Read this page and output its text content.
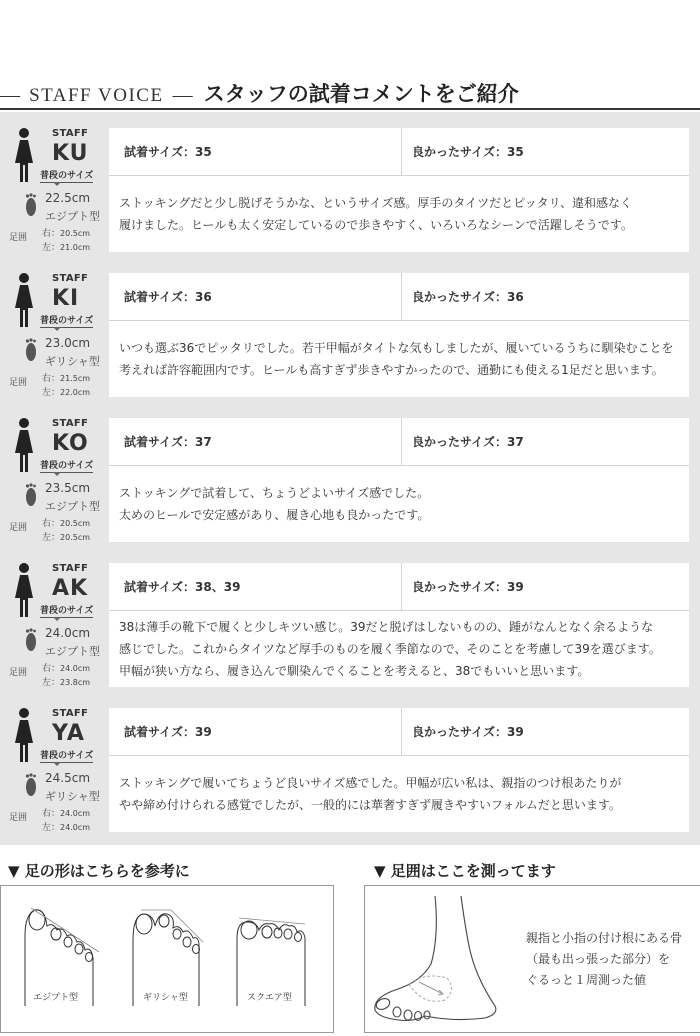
― STAFF VOICE ― スタッフの試着コメントをご紹介
STAFF
KU
普段のサイズ
22.5cm
エジプト型
足囲 右：20.5cm
左：21.0cm
試着サイズ：35	良かったサイズ：35
ストッキングだと少し脱げそうかな、というサイズ感。厚手のタイツだとピッタリ、違和感なく
履けました。ヒールも太く安定しているので歩きやすく、いろいろなシーンで活躍しそうです。
STAFF
KI
普段のサイズ
23.0cm
ギリシャ型
足囲 右：21.5cm
左：22.0cm
試着サイズ：36	良かったサイズ：36
いつも選ぶ36でピッタリでした。若干甲幅がタイトな気もしましたが、履いているうちに馴染むことを
考えれば許容範囲内です。ヒールも高すぎず歩きやすかったので、通勤にも使える1足だと思います。
STAFF
KO
普段のサイズ
23.5cm
エジプト型
足囲 右：20.5cm
左：20.5cm
試着サイズ：37	良かったサイズ：37
ストッキングで試着して、ちょうどよいサイズ感でした。
太めのヒールで安定感があり、履き心地も良かったです。
STAFF
AK
普段のサイズ
24.0cm
エジプト型
足囲 右：24.0cm
左：23.8cm
試着サイズ：38、39	良かったサイズ：39
38は薄手の靴下で履くと少しキツい感じ。39だと脱げはしないものの、踵がなんとなく余るような
感じでした。これからタイツなど厚手のものを履く季節なので、そのことを考慮して39を選びます。
甲幅が狭い方なら、履き込んで馴染んでくることを考えると、38でもいいと思います。
STAFF
YA
普段のサイズ
24.5cm
ギリシャ型
足囲 右：24.0cm
左：24.0cm
試着サイズ：39	良かったサイズ：39
ストッキングで履いてちょうど良いサイズ感でした。甲幅が広い私は、親指のつけ根あたりが
やや締め付けられる感覚でしたが、一般的には華奢すぎず履きやすいフォルムだと思います。
▼ 足の形はこちらを参考に
エジプト型	ギリシャ型	スクエア型
▼ 足囲はここを測ってます
親指と小指の付け根にある骨
（最も出っ張った部分）を
ぐるっと１周測った値
